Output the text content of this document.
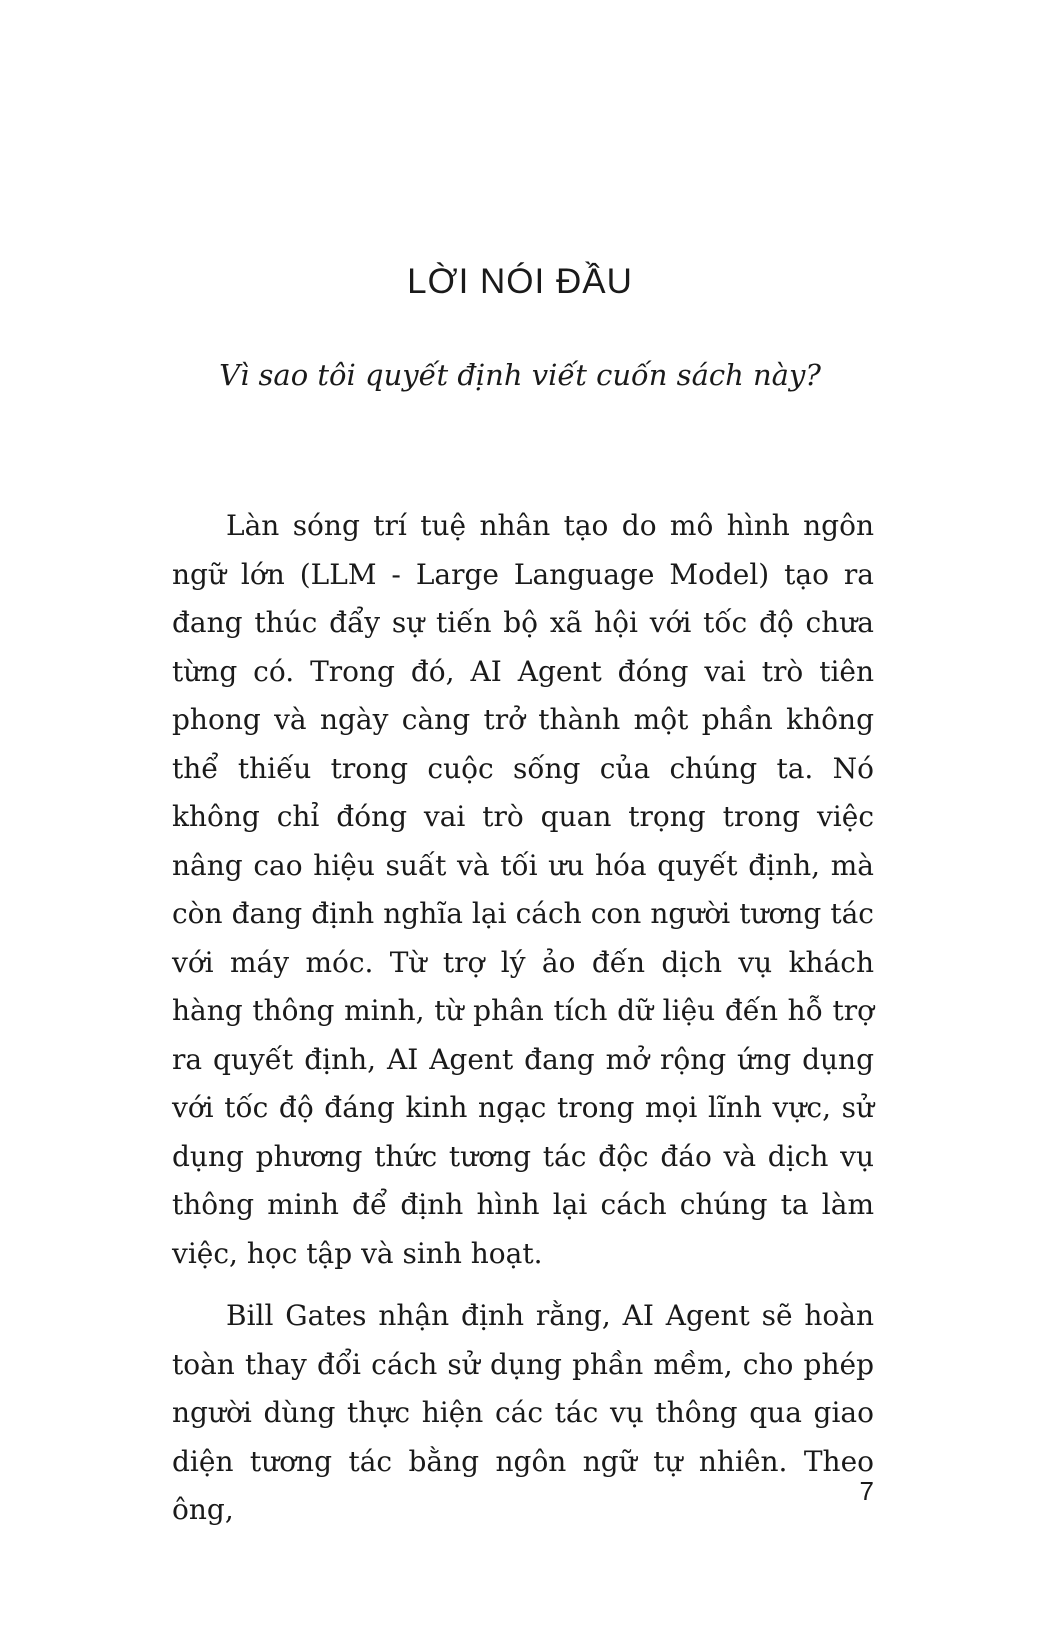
LỜI NÓI ĐẦU

Vì sao tôi quyết định viết cuốn sách này?

Làn sóng trí tuệ nhân tạo do mô hình ngôn ngữ lớn (LLM - Large Language Model) tạo ra đang thúc đẩy sự tiến bộ xã hội với tốc độ chưa từng có. Trong đó, AI Agent đóng vai trò tiên phong và ngày càng trở thành một phần không thể thiếu trong cuộc sống của chúng ta. Nó không chỉ đóng vai trò quan trọng trong việc nâng cao hiệu suất và tối ưu hóa quyết định, mà còn đang định nghĩa lại cách con người tương tác với máy móc. Từ trợ lý ảo đến dịch vụ khách hàng thông minh, từ phân tích dữ liệu đến hỗ trợ ra quyết định, AI Agent đang mở rộng ứng dụng với tốc độ đáng kinh ngạc trong mọi lĩnh vực, sử dụng phương thức tương tác độc đáo và dịch vụ thông minh để định hình lại cách chúng ta làm việc, học tập và sinh hoạt.

Bill Gates nhận định rằng, AI Agent sẽ hoàn toàn thay đổi cách sử dụng phần mềm, cho phép người dùng thực hiện các tác vụ thông qua giao diện tương tác bằng ngôn ngữ tự nhiên. Theo ông,

7
